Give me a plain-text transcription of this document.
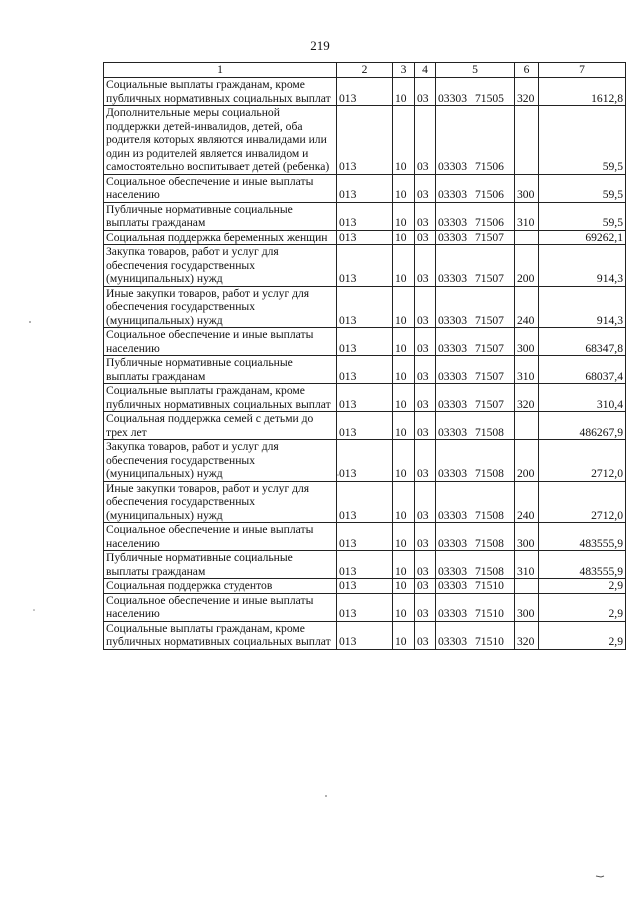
219
1	2	3	4	5	6	7
Социальные выплаты гражданам, кроме публичных нормативных социальных выплат	013	10	03	03303 71505	320	1612,8
Дополнительные меры социальной поддержки детей-инвалидов, детей, оба родителя которых являются инвалидами или один из родителей является инвалидом и самостоятельно воспитывает детей (ребенка)	013	10	03	03303 71506		59,5
Социальное обеспечение и иные выплаты населению	013	10	03	03303 71506	300	59,5
Публичные нормативные социальные выплаты гражданам	013	10	03	03303 71506	310	59,5
Социальная поддержка беременных женщин	013	10	03	03303 71507		69262,1
Закупка товаров, работ и услуг для обеспечения государственных (муниципальных) нужд	013	10	03	03303 71507	200	914,3
Иные закупки товаров, работ и услуг для обеспечения государственных (муниципальных) нужд	013	10	03	03303 71507	240	914,3
Социальное обеспечение и иные выплаты населению	013	10	03	03303 71507	300	68347,8
Публичные нормативные социальные выплаты гражданам	013	10	03	03303 71507	310	68037,4
Социальные выплаты гражданам, кроме публичных нормативных социальных выплат	013	10	03	03303 71507	320	310,4
Социальная поддержка семей с детьми до трех лет	013	10	03	03303 71508		486267,9
Закупка товаров, работ и услуг для обеспечения государственных (муниципальных) нужд	013	10	03	03303 71508	200	2712,0
Иные закупки товаров, работ и услуг для обеспечения государственных (муниципальных) нужд	013	10	03	03303 71508	240	2712,0
Социальное обеспечение и иные выплаты населению	013	10	03	03303 71508	300	483555,9
Публичные нормативные социальные выплаты гражданам	013	10	03	03303 71508	310	483555,9
Социальная поддержка студентов	013	10	03	03303 71510		2,9
Социальное обеспечение и иные выплаты населению	013	10	03	03303 71510	300	2,9
Социальные выплаты гражданам, кроме публичных нормативных социальных выплат	013	10	03	03303 71510	320	2,9
